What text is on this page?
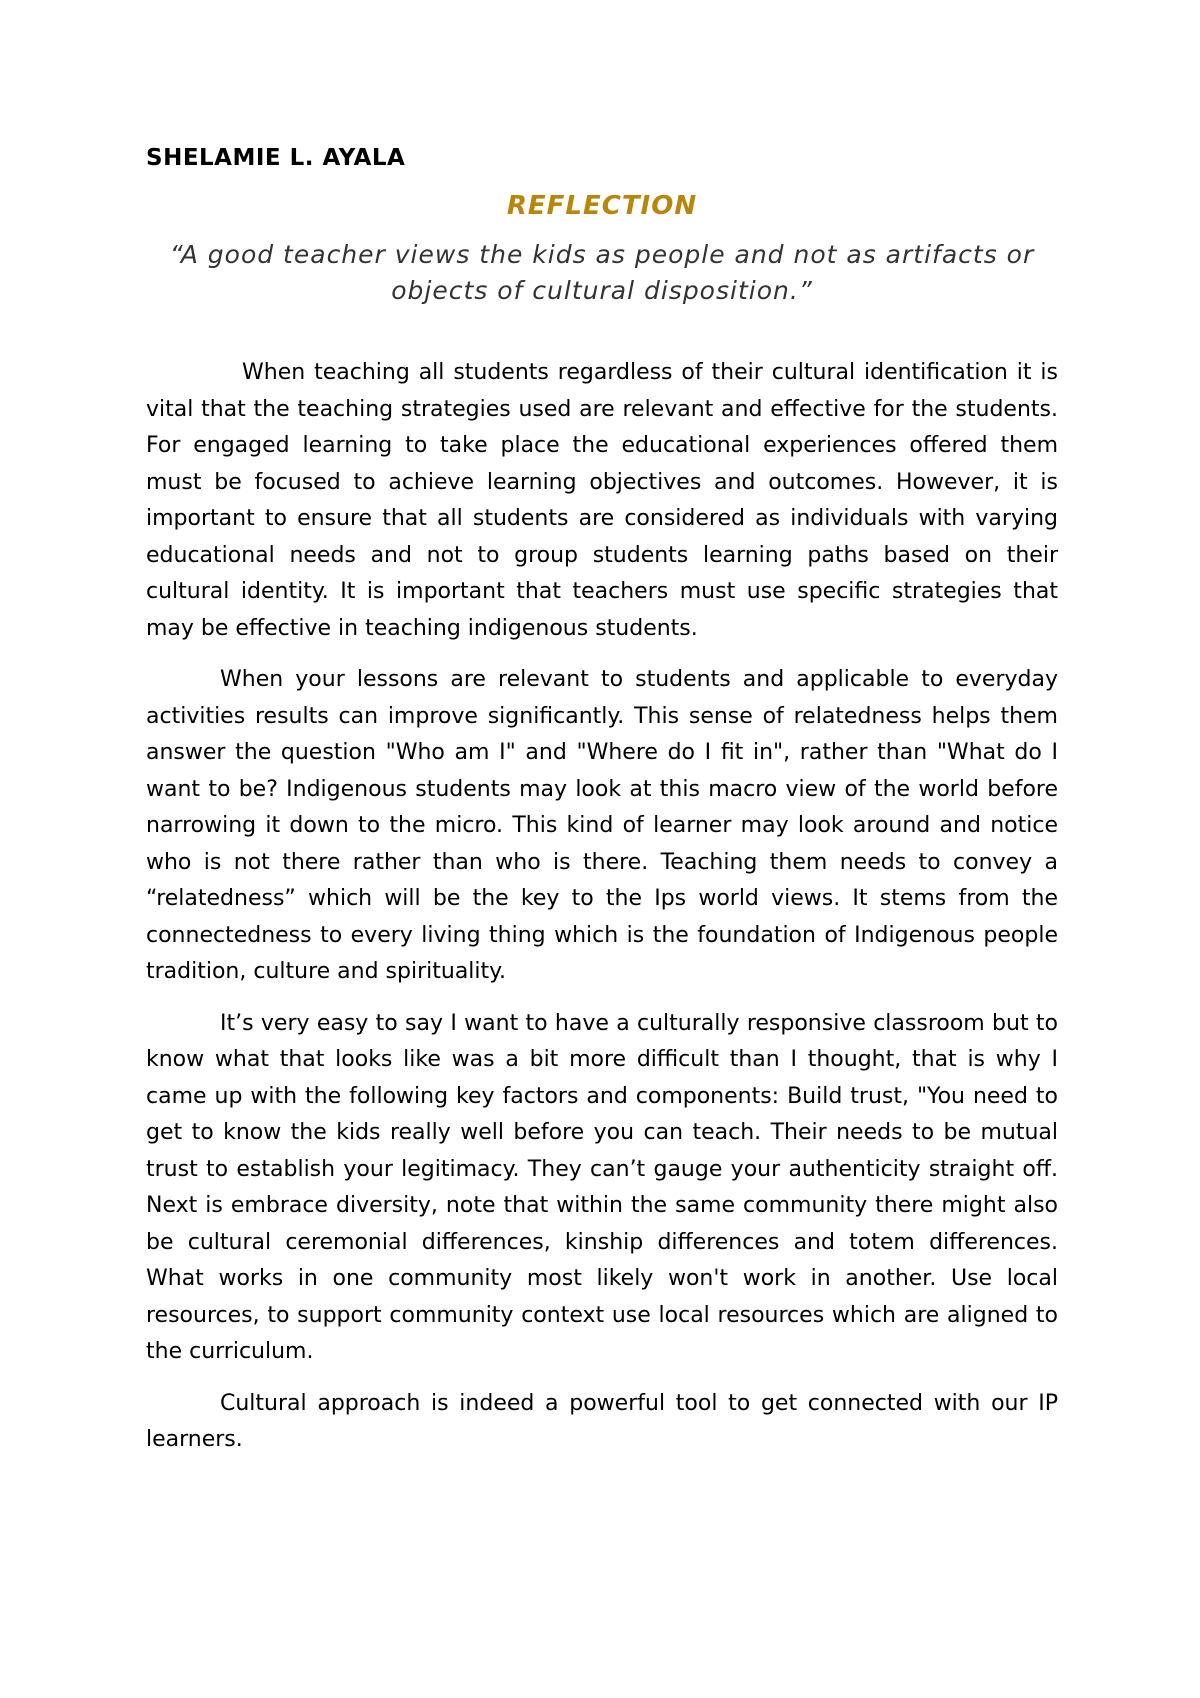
SHELAMIE L. AYALA
REFLECTION
“A good teacher views the kids as people and not as artifacts or objects of cultural disposition.”

When teaching all students regardless of their cultural identification it is vital that the teaching strategies used are relevant and effective for the students. For engaged learning to take place the educational experiences offered them must be focused to achieve learning objectives and outcomes. However, it is important to ensure that all students are considered as individuals with varying educational needs and not to group students learning paths based on their cultural identity. It is important that teachers must use specific strategies that may be effective in teaching indigenous students.

When your lessons are relevant to students and applicable to everyday activities results can improve significantly. This sense of relatedness helps them answer the question "Who am I" and "Where do I fit in", rather than "What do I want to be? Indigenous students may look at this macro view of the world before narrowing it down to the micro. This kind of learner may look around and notice who is not there rather than who is there. Teaching them needs to convey a “relatedness” which will be the key to the Ips world views. It stems from the connectedness to every living thing which is the foundation of Indigenous people tradition, culture and spirituality.

It’s very easy to say I want to have a culturally responsive classroom but to know what that looks like was a bit more difficult than I thought, that is why I came up with the following key factors and components: Build trust, "You need to get to know the kids really well before you can teach. Their needs to be mutual trust to establish your legitimacy. They can’t gauge your authenticity straight off. Next is embrace diversity, note that within the same community there might also be cultural ceremonial differences, kinship differences and totem differences. What works in one community most likely won't work in another. Use local resources, to support community context use local resources which are aligned to the curriculum.

Cultural approach is indeed a powerful tool to get connected with our IP learners.
